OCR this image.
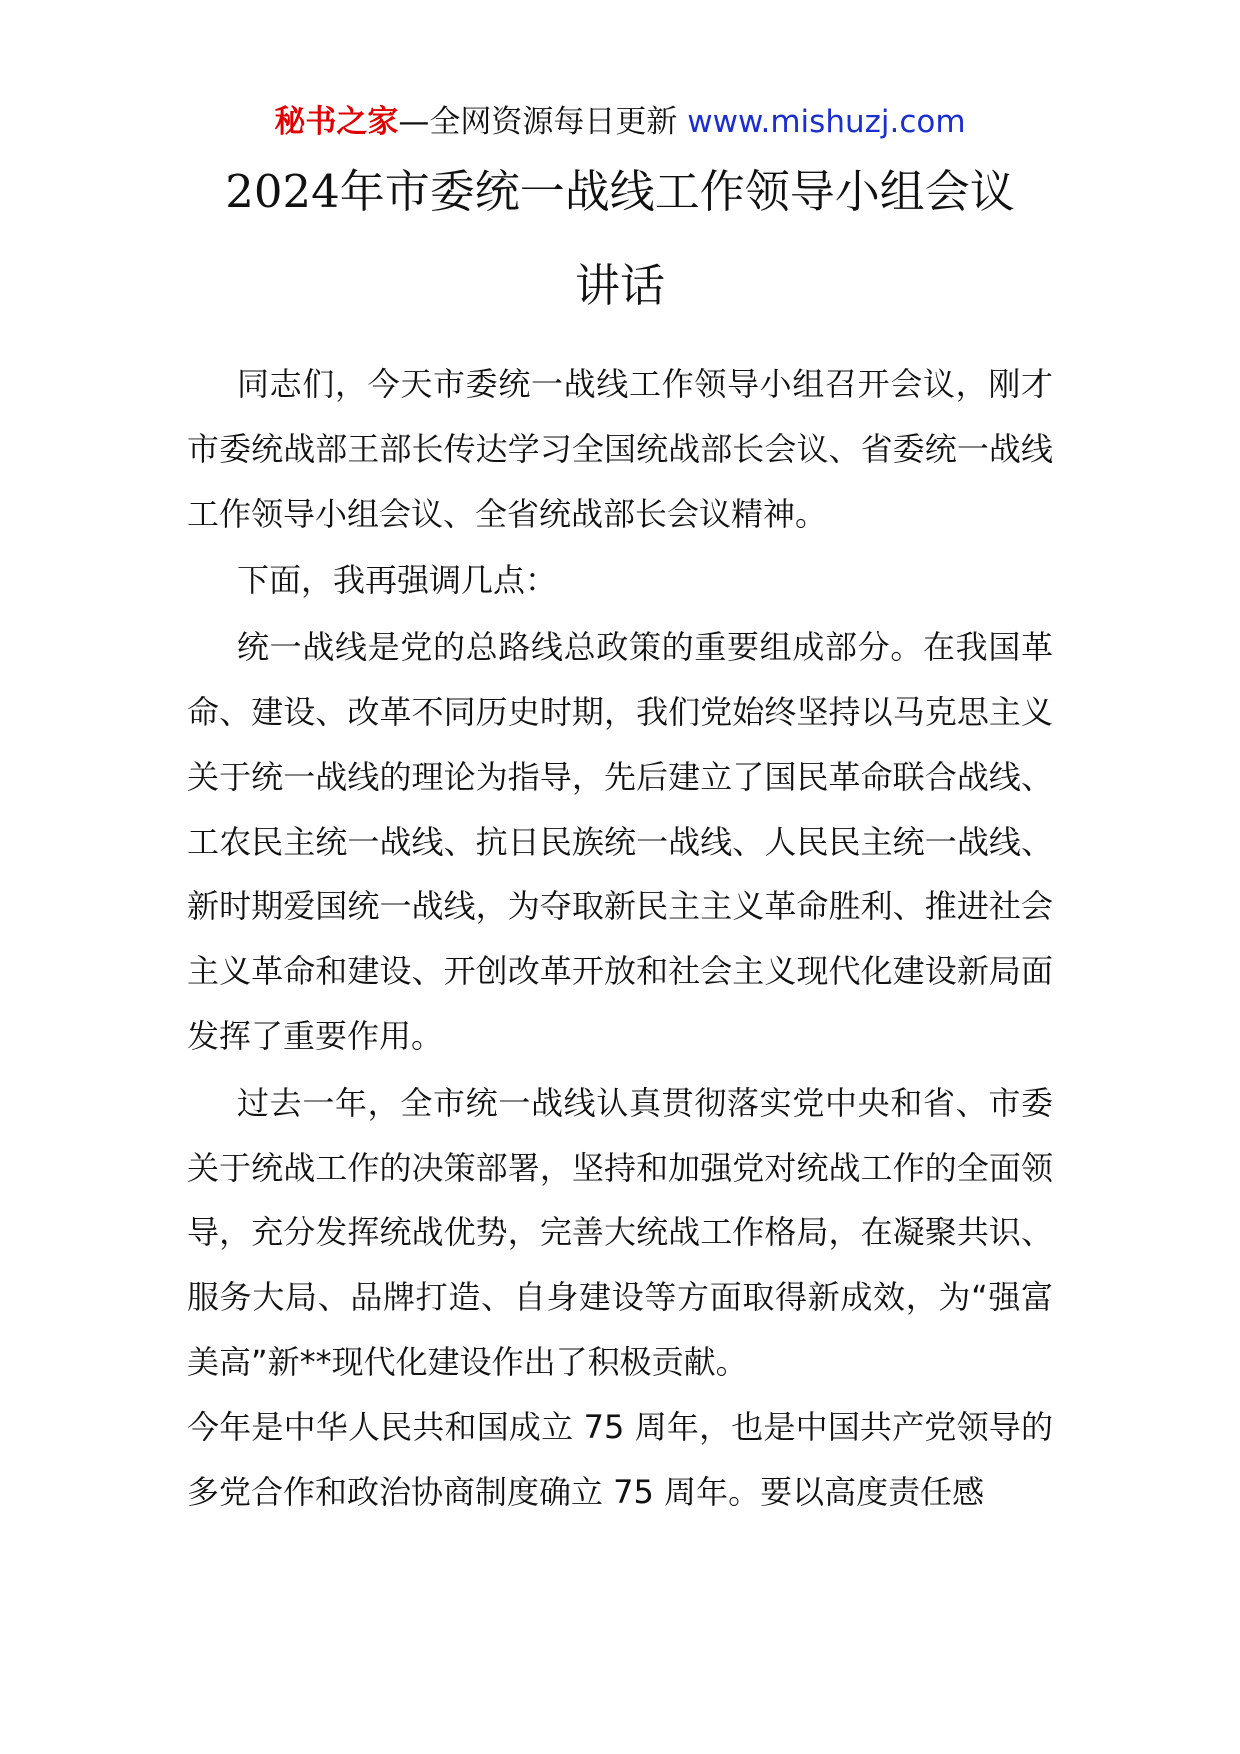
秘书之家—全网资源每日更新 www.mishuzj.com
2024年市委统一战线工作领导小组会议
讲话

同志们，今天市委统一战线工作领导小组召开会议，刚才市委统战部王部长传达学习全国统战部长会议、省委统一战线工作领导小组会议、全省统战部长会议精神。

下面，我再强调几点：

统一战线是党的总路线总政策的重要组成部分。在我国革命、建设、改革不同历史时期，我们党始终坚持以马克思主义关于统一战线的理论为指导，先后建立了国民革命联合战线、工农民主统一战线、抗日民族统一战线、人民民主统一战线、新时期爱国统一战线，为夺取新民主主义革命胜利、推进社会主义革命和建设、开创改革开放和社会主义现代化建设新局面发挥了重要作用。

过去一年，全市统一战线认真贯彻落实党中央和省、市委关于统战工作的决策部署，坚持和加强党对统战工作的全面领导，充分发挥统战优势，完善大统战工作格局，在凝聚共识、服务大局、品牌打造、自身建设等方面取得新成效，为“强富美高”新**现代化建设作出了积极贡献。

今年是中华人民共和国成立 75 周年，也是中国共产党领导的多党合作和政治协商制度确立 75 周年。要以高度责任感
